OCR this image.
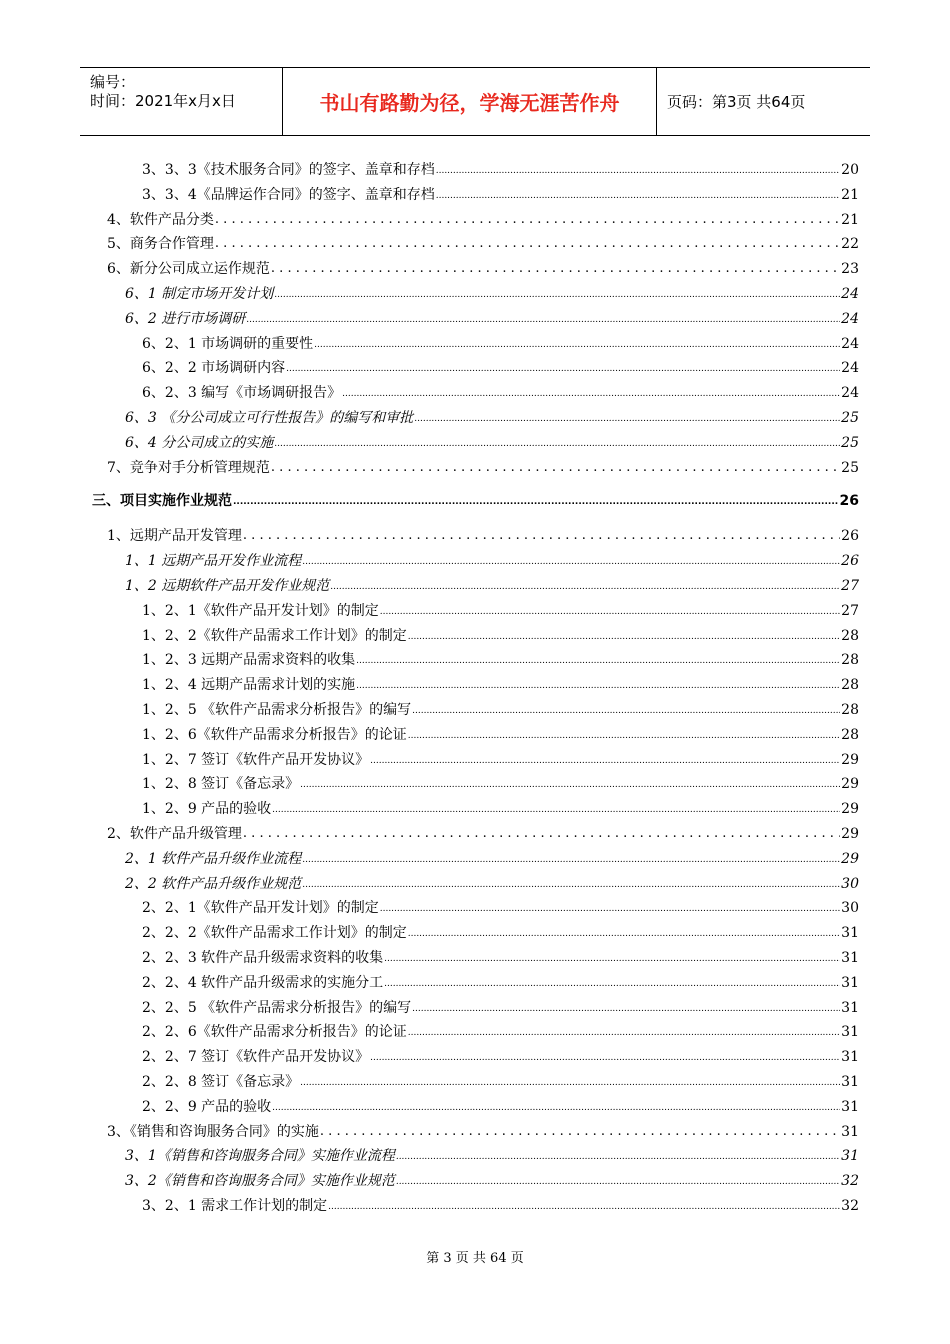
编号：
时间：2021年x月x日	书山有路勤为径，学海无涯苦作舟	页码：第3页 共64页
3、3、3《技术服务合同》的签字、盖章和存档 .....	20
3、3、4《品牌运作合同》的签字、盖章和存档 .....	21
4、软件产品分类 . . .	21
5、商务合作管理 . . .	22
6、新分公司成立运作规范 . . .	23
6、1 制定市场开发计划 .....	24
6、2 进行市场调研 .....	24
6、2、1 市场调研的重要性 .....	24
6、2、2 市场调研内容 .....	24
6、2、3 编写《市场调研报告》 .....	24
6、3 《分公司成立可行性报告》的编写和审批 .....	25
6、4 分公司成立的实施 .....	25
7、竞争对手分析管理规范 . . .	25
三、项目实施作业规范 .....	26
1、远期产品开发管理 . . .	26
1、1 远期产品开发作业流程 .....	26
1、2 远期软件产品开发作业规范 .....	27
1、2、1《软件产品开发计划》的制定 .....	27
1、2、2《软件产品需求工作计划》的制定 .....	28
1、2、3 远期产品需求资料的收集 .....	28
1、2、4 远期产品需求计划的实施 .....	28
1、2、5 《软件产品需求分析报告》的编写 .....	28
1、2、6《软件产品需求分析报告》的论证 .....	28
1、2、7 签订《软件产品开发协议》 .....	29
1、2、8 签订《备忘录》 .....	29
1、2、9 产品的验收 .....	29
2、软件产品升级管理 . . .	29
2、1 软件产品升级作业流程 .....	29
2、2 软件产品升级作业规范 .....	30
2、2、1《软件产品开发计划》的制定 .....	30
2、2、2《软件产品需求工作计划》的制定 .....	31
2、2、3 软件产品升级需求资料的收集 .....	31
2、2、4 软件产品升级需求的实施分工 .....	31
2、2、5 《软件产品需求分析报告》的编写 .....	31
2、2、6《软件产品需求分析报告》的论证 .....	31
2、2、7 签订《软件产品开发协议》 .....	31
2、2、8 签订《备忘录》 .....	31
2、2、9 产品的验收 .....	31
3、《销售和咨询服务合同》的实施 . . .	31
3、1《销售和咨询服务合同》实施作业流程 .....	31
3、2《销售和咨询服务合同》实施作业规范 .....	32
3、2、1 需求工作计划的制定 .....	32
第 3 页 共 64 页
